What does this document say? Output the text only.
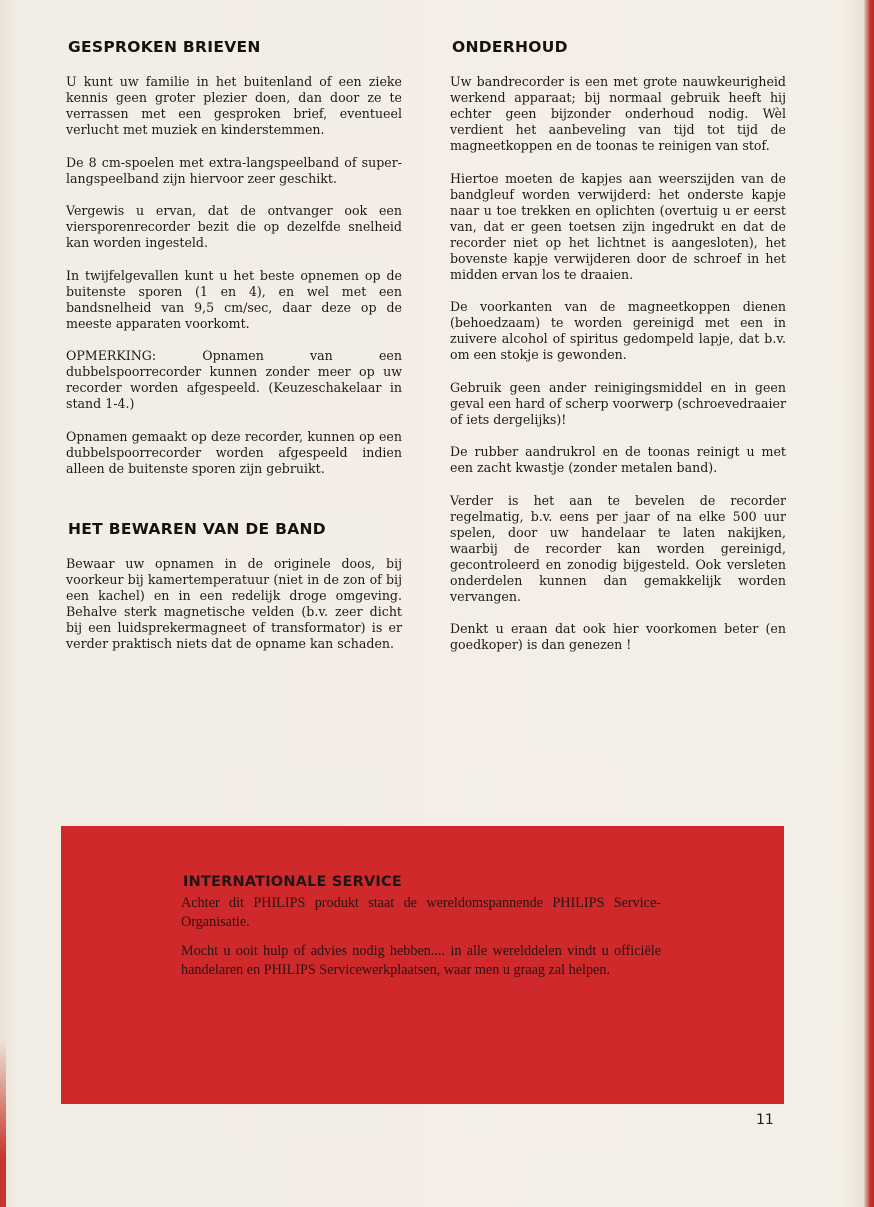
GESPROKEN BRIEVEN

U kunt uw familie in het buitenland of een zieke kennis geen groter plezier doen, dan door ze te verrassen met een gesproken brief, eventueel verlucht met muziek en kinderstemmen.

De 8 cm-spoelen met extra-langspeelband of super-langspeelband zijn hiervoor zeer geschikt.

Vergewis u ervan, dat de ontvanger ook een viersporenrecorder bezit die op dezelfde snelheid kan worden ingesteld.

In twijfelgevallen kunt u het beste opnemen op de buitenste sporen (1 en 4), en wel met een bandsnelheid van 9,5 cm/sec, daar deze op de meeste apparaten voorkomt.

OPMERKING: Opnamen van een dubbelspoorrecorder kunnen zonder meer op uw recorder worden afgespeeld. (Keuzeschakelaar in stand 1-4.)

Opnamen gemaakt op deze recorder, kunnen op een dubbelspoorrecorder worden afgespeeld indien alleen de buitenste sporen zijn gebruikt.

HET BEWAREN VAN DE BAND

Bewaar uw opnamen in de originele doos, bij voorkeur bij kamertemperatuur (niet in de zon of bij een kachel) en in een redelijk droge omgeving. Behalve sterk magnetische velden (b.v. zeer dicht bij een luidsprekermagneet of transformator) is er verder praktisch niets dat de opname kan schaden.

ONDERHOUD

Uw bandrecorder is een met grote nauwkeurigheid werkend apparaat; bij normaal gebruik heeft hij echter geen bijzonder onderhoud nodig. Wèl verdient het aanbeveling van tijd tot tijd de magneetkoppen en de toonas te reinigen van stof.

Hiertoe moeten de kapjes aan weerszijden van de bandgleuf worden verwijderd: het onderste kapje naar u toe trekken en oplichten (overtuig u er eerst van, dat er geen toetsen zijn ingedrukt en dat de recorder niet op het lichtnet is aangesloten), het bovenste kapje verwijderen door de schroef in het midden ervan los te draaien.

De voorkanten van de magneetkoppen dienen (behoedzaam) te worden gereinigd met een in zuivere alcohol of spiritus gedompeld lapje, dat b.v. om een stokje is gewonden.

Gebruik geen ander reinigingsmiddel en in geen geval een hard of scherp voorwerp (schroevedraaier of iets dergelijks)!

De rubber aandrukrol en de toonas reinigt u met een zacht kwastje (zonder metalen band).

Verder is het aan te bevelen de recorder regelmatig, b.v. eens per jaar of na elke 500 uur spelen, door uw handelaar te laten nakijken, waarbij de recorder kan worden gereinigd, gecontroleerd en zonodig bijgesteld. Ook versleten onderdelen kunnen dan gemakkelijk worden vervangen.

Denkt u eraan dat ook hier voorkomen beter (en goedkoper) is dan genezen !

INTERNATIONALE SERVICE

Achter dit PHILIPS produkt staat de wereldomspannende PHILIPS Service-Organisatie.

Mocht u ooit hulp of advies nodig hebben.... in alle werelddelen vindt u officiële handelaren en PHILIPS Servicewerkplaatsen, waar men u graag zal helpen.

11
